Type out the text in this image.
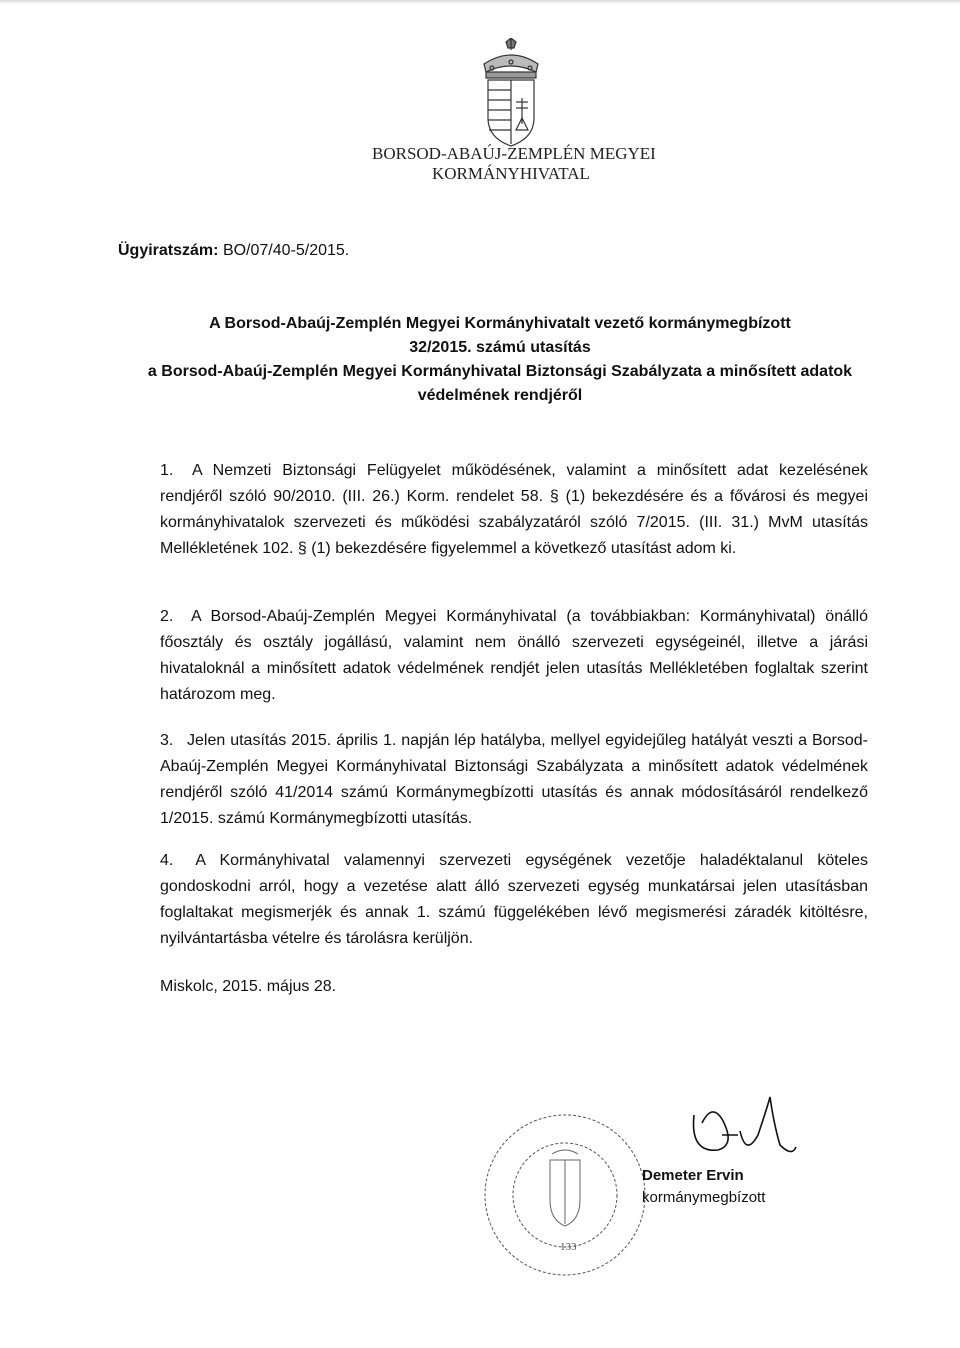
BORSOD-ABAÚJ-ZEMPLÉN MEGYEI
KORMÁNYHIVATAL
Ügyiratszám: BO/07/40-5/2015.
A Borsod-Abaúj-Zemplén Megyei Kormányhivatalt vezető kormánymegbízott
32/2015. számú utasítás
a Borsod-Abaúj-Zemplén Megyei Kormányhivatal Biztonsági Szabályzata a minősített adatok
védelmének rendjéről
1. A Nemzeti Biztonsági Felügyelet működésének, valamint a minősített adat kezelésének rendjéről szóló 90/2010. (III. 26.) Korm. rendelet 58. § (1) bekezdésére és a fővárosi és megyei kormányhivatalok szervezeti és működési szabályzatáról szóló 7/2015. (III. 31.) MvM utasítás Mellékletének 102. § (1) bekezdésére figyelemmel a következő utasítást adom ki.
2. A Borsod-Abaúj-Zemplén Megyei Kormányhivatal (a továbbiakban: Kormányhivatal) önálló főosztály és osztály jogállású, valamint nem önálló szervezeti egységeinél, illetve a járási hivataloknál a minősített adatok védelmének rendjét jelen utasítás Mellékletében foglaltak szerint határozom meg.
3. Jelen utasítás 2015. április 1. napján lép hatályba, mellyel egyidejűleg hatályát veszti a Borsod-Abaúj-Zemplén Megyei Kormányhivatal Biztonsági Szabályzata a minősített adatok védelmének rendjéről szóló 41/2014 számú Kormánymegbízotti utasítás és annak módosításáról rendelkező 1/2015. számú Kormánymegbízotti utasítás.
4. A Kormányhivatal valamennyi szervezeti egységének vezetője haladéktalanul köteles gondoskodni arról, hogy a vezetése alatt álló szervezeti egység munkatársai jelen utasításban foglaltakat megismerjék és annak 1. számú függelékében lévő megismerési záradék kitöltésre, nyilvántartásba vételre és tárolásra kerüljön.
Miskolc, 2015. május 28.
133
Demeter Ervin
kormánymegbízott
